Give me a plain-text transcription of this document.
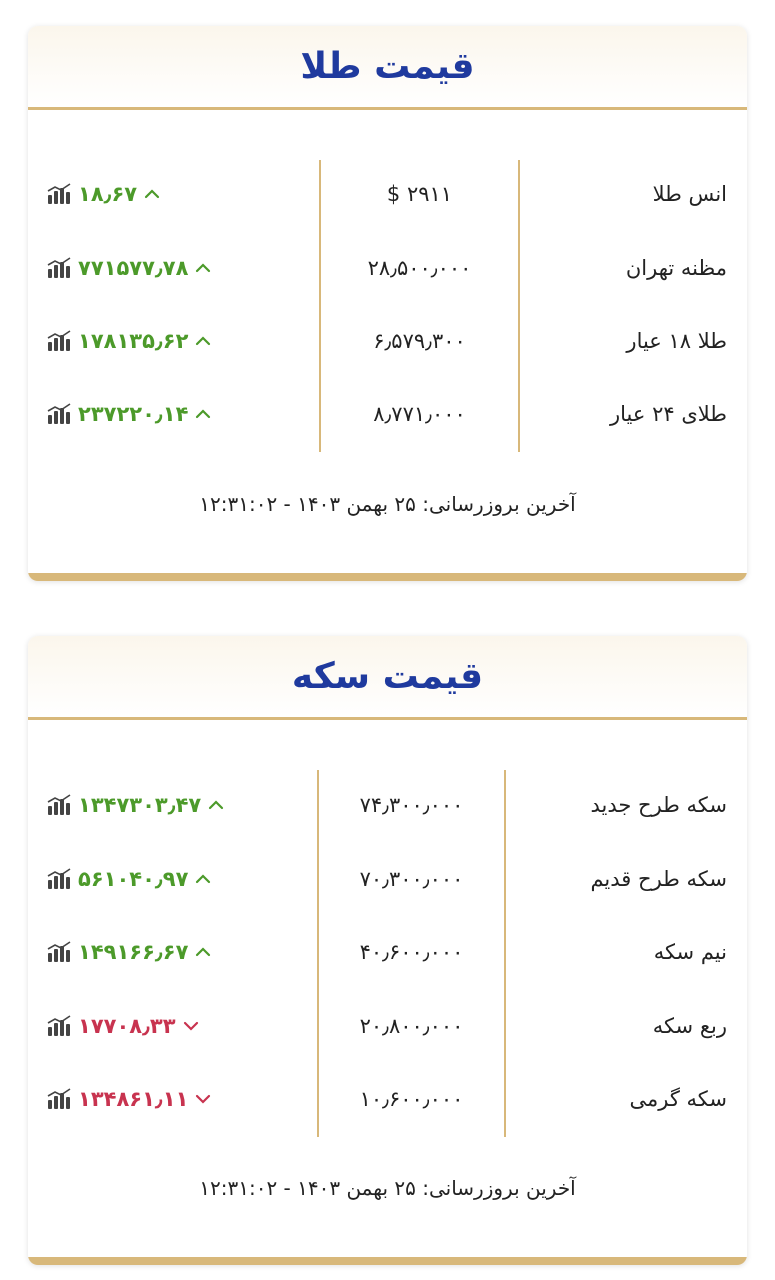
قیمت طلا
انس طلا
$ ۲۹۱۱
۱۸٫۶۷
مظنه تهران
۲۸٫۵۰۰٫۰۰۰
۷۷۱۵۷۷٫۷۸
طلا ۱۸ عیار
۶٫۵۷۹٫۳۰۰
۱۷۸۱۳۵٫۶۲
طلای ۲۴ عیار
۸٫۷۷۱٫۰۰۰
۲۳۷۲۲۰٫۱۴
آخرین بروزرسانی: ۲۵ بهمن ۱۴۰۳ - ۱۲:۳۱:۰۲
قیمت سکه
سکه طرح جدید
۷۴٫۳۰۰٫۰۰۰
۱۳۴۷۳۰۳٫۴۷
سکه طرح قدیم
۷۰٫۳۰۰٫۰۰۰
۵۶۱۰۴۰٫۹۷
نیم سکه
۴۰٫۶۰۰٫۰۰۰
۱۴۹۱۶۶٫۶۷
ربع سکه
۲۰٫۸۰۰٫۰۰۰
۱۷۷۰۸٫۳۳
سکه گرمی
۱۰٫۶۰۰٫۰۰۰
۱۳۴۸۶۱٫۱۱
آخرین بروزرسانی: ۲۵ بهمن ۱۴۰۳ - ۱۲:۳۱:۰۲
